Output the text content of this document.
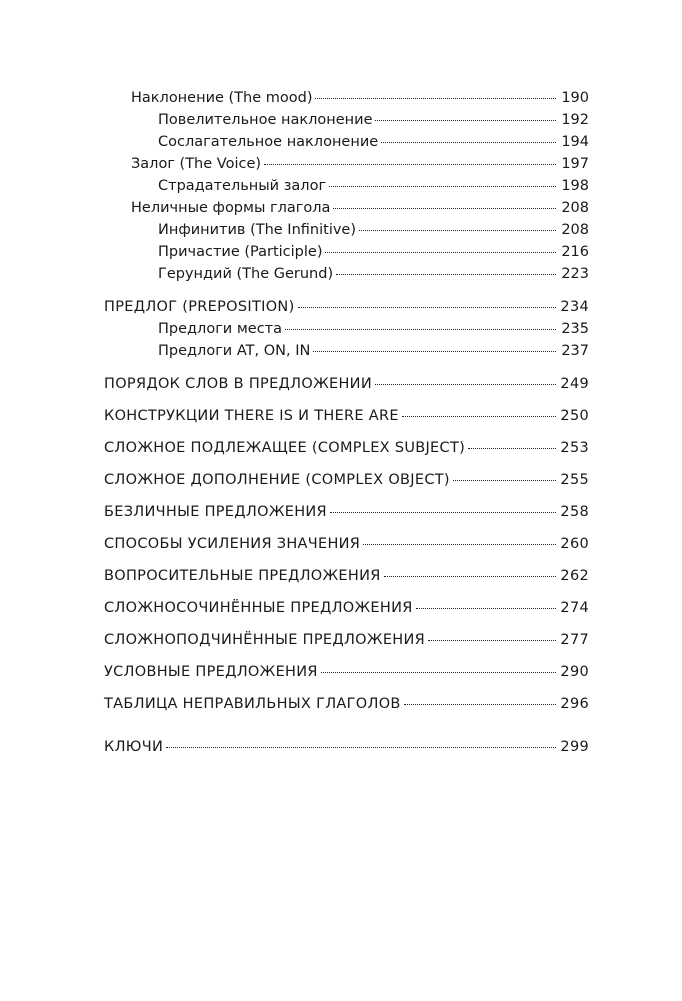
Наклонение (The mood)	190
Повелительное наклонение	192
Сослагательное наклонение	194
Залог (The Voice)	197
Страдательный залог	198
Неличные формы глагола	208
Инфинитив (The Infinitive)	208
Причастие (Participle)	216
Герундий (The Gerund)	223
ПРЕДЛОГ (PREPOSITION)	234
Предлоги места	235
Предлоги AT, ON, IN	237
ПОРЯДОК СЛОВ В ПРЕДЛОЖЕНИИ	249
КОНСТРУКЦИИ THERE IS И THERE ARE	250
СЛОЖНОЕ ПОДЛЕЖАЩЕЕ (COMPLEX SUBJECT)	253
СЛОЖНОЕ ДОПОЛНЕНИЕ (COMPLEX OBJECT)	255
БЕЗЛИЧНЫЕ ПРЕДЛОЖЕНИЯ	258
СПОСОБЫ УСИЛЕНИЯ ЗНАЧЕНИЯ	260
ВОПРОСИТЕЛЬНЫЕ ПРЕДЛОЖЕНИЯ	262
СЛОЖНОСОЧИНЁННЫЕ ПРЕДЛОЖЕНИЯ	274
СЛОЖНОПОДЧИНЁННЫЕ ПРЕДЛОЖЕНИЯ	277
УСЛОВНЫЕ ПРЕДЛОЖЕНИЯ	290
ТАБЛИЦА НЕПРАВИЛЬНЫХ ГЛАГОЛОВ	296
КЛЮЧИ	299
